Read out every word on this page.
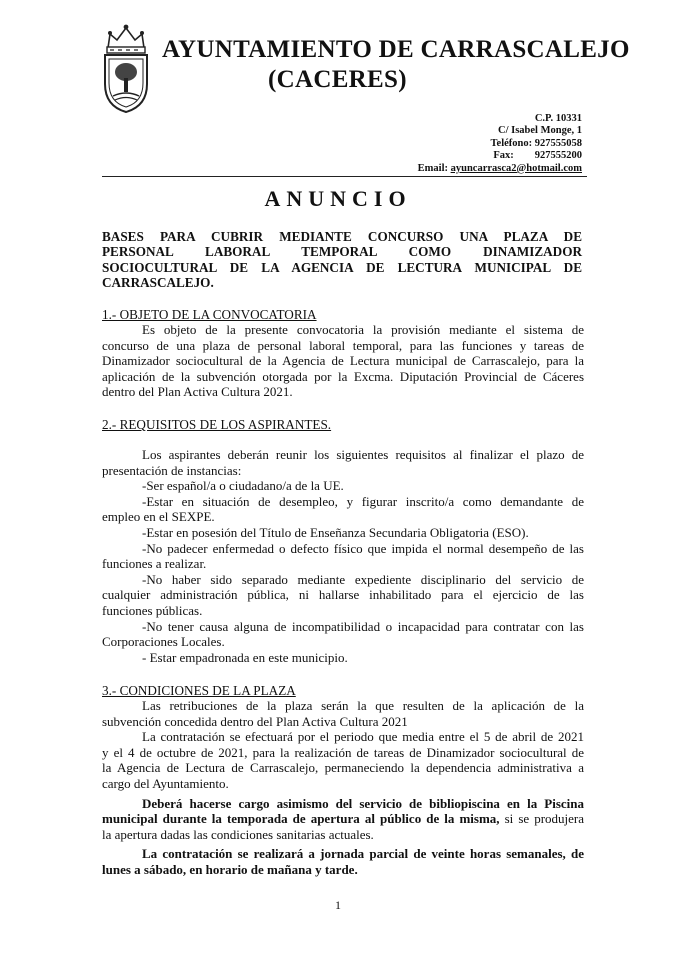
AYUNTAMIENTO DE CARRASCALEJO
(CACERES)
C.P. 10331
C/ Isabel Monge, 1
Teléfono: 927555058
Fax: 927555200
Email: ayuncarrasca2@hotmail.com
ANUNCIO
BASES PARA CUBRIR MEDIANTE CONCURSO UNA PLAZA DE
PERSONAL LABORAL TEMPORAL COMO DINAMIZADOR
SOCIOCULTURAL DE LA AGENCIA DE LECTURA MUNICIPAL DE
CARRASCALEJO.
1.- OBJETO DE LA CONVOCATORIA
Es objeto de la presente convocatoria la provisión mediante el sistema de
concurso de una plaza de personal laboral temporal, para las funciones y tareas de
Dinamizador sociocultural de la Agencia de Lectura municipal de Carrascalejo, para la
aplicación de la subvención otorgada por la Excma. Diputación Provincial de Cáceres
dentro del Plan Activa Cultura 2021.
2.- REQUISITOS DE LOS ASPIRANTES.
Los aspirantes deberán reunir los siguientes requisitos al finalizar el plazo de
presentación de instancias:
-Ser español/a o ciudadano/a de la UE.
-Estar en situación de desempleo, y figurar inscrito/a como demandante de
empleo en el SEXPE.
-Estar en posesión del Título de Enseñanza Secundaria Obligatoria (ESO).
-No padecer enfermedad o defecto físico que impida el normal desempeño de las
funciones a realizar.
-No haber sido separado mediante expediente disciplinario del servicio de
cualquier administración pública, ni hallarse inhabilitado para el ejercicio de las
funciones públicas.
-No tener causa alguna de incompatibilidad o incapacidad para contratar con las
Corporaciones Locales.
- Estar empadronada en este municipio.
3.- CONDICIONES DE LA PLAZA
Las retribuciones de la plaza serán la que resulten de la aplicación de la
subvención concedida dentro del Plan Activa Cultura 2021
La contratación se efectuará por el periodo que media entre el 5 de abril de 2021
y el 4 de octubre de 2021, para la realización de tareas de Dinamizador sociocultural de
la Agencia de Lectura de Carrascalejo, permaneciendo la dependencia administrativa a
cargo del Ayuntamiento.
Deberá hacerse cargo asimismo del servicio de bibliopiscina en la Piscina
municipal durante la temporada de apertura al público de la misma, si se produjera
la apertura dadas las condiciones sanitarias actuales.
La contratación se realizará a jornada parcial de veinte horas semanales, de
lunes a sábado, en horario de mañana y tarde.
1
